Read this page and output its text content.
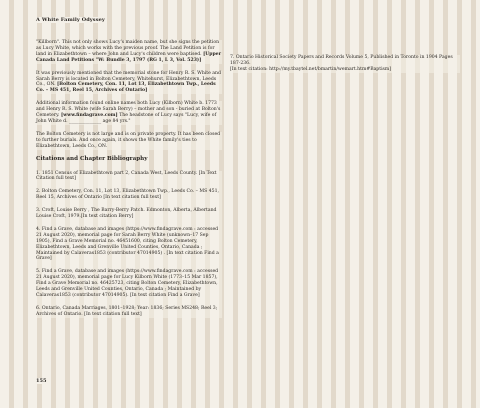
A White Family Odyssey

"Killborn". This not only shows Lucy's maiden name, but she signs the petition as Lucy White, which works with the previous proof. The Land Petition is for land in Elizabethtown – where John and Lucy's children were baptised. [Upper Canada Land Petitions "W: Bundle 3, 1797 (RG 1, L 3, Vol. 523)]

It was previously mentioned that the memorial stone for Henry R. S. White and Sarah Berry is located in Bolton Cemetery, Whitehurst, Elizabethtown, Leeds Co., ON. [Bolton Cemetery, Con. 11, Lot 13, Elizabethtown Twp., Leeds Co. – MS 451, Reel 15, Archives of Ontario]

Additional information found online names both Lucy (Kilborn) White b. 1773 and Henry R. S. White (wife Sarah Berry) – mother and son - buried at Bolton's Cemetery. [www.findagrave.com] The headstone of Lucy says "Lucy, wife of John White d. ______________ age 84 yrs."

The Bolton Cemetery is not large and is on private property. It has been closed to further burials. And once again, it shows the White family's ties to Elizabethtown, Leeds Co., ON.

Citations and Chapter Bibliography

1. 1851 Census of Elizabethtown part 2, Canada West, Leeds County. [In Text Citation full text]

2. Bolton Cemetery, Con. 11, Lot 13, Elizabethtown Twp., Leeds Co. – MS 451, Reel 15, Archives of Ontario [In text citation full text]

3. Croft, Louise Berry , The Barry-Berry Patch. Edmonton, Alberta, Albertand Louise Croft, 1979.[In text citation Berry]

4. Find a Grave, database and images (https://www.findagrave.com : accessed 21 August 2020), memorial page for Sarah Berry White (unknown–17 Sep 1905), Find a Grave Memorial no. 46451600, citing Bolton Cemetery, Elizabethtown, Leeds and Grenville United Counties, Ontario, Canada ; Maintained by Calaveras1853 (contributor 47014905) . [In text citation Find a Grave]

5. Find a Grave, database and images (https://www.findagrave.com : accessed 21 August 2020), memorial page for Lucy Kilborn White (1773–15 Mar 1857), Find a Grave Memorial no. 46425723, citing Bolton Cemetery, Elizabethtown, Leeds and Grenville United Counties, Ontario, Canada ; Maintained by Calaveras1853 (contributor 47014905). [In text citation Find a Grave]

6. Ontario, Canada Marriages, 1801–1928; Year: 1836; Series MS248; Reel 3; Archives of Ontario. [In text citation full text]

7. Ontario Historical Society Papers and Records Volume 5, Published in Toronto in 1904 Pages 187-236.

[In text citation: http://my.tbaytel.net/bmartin/wemart.htm#Baptism]

155
